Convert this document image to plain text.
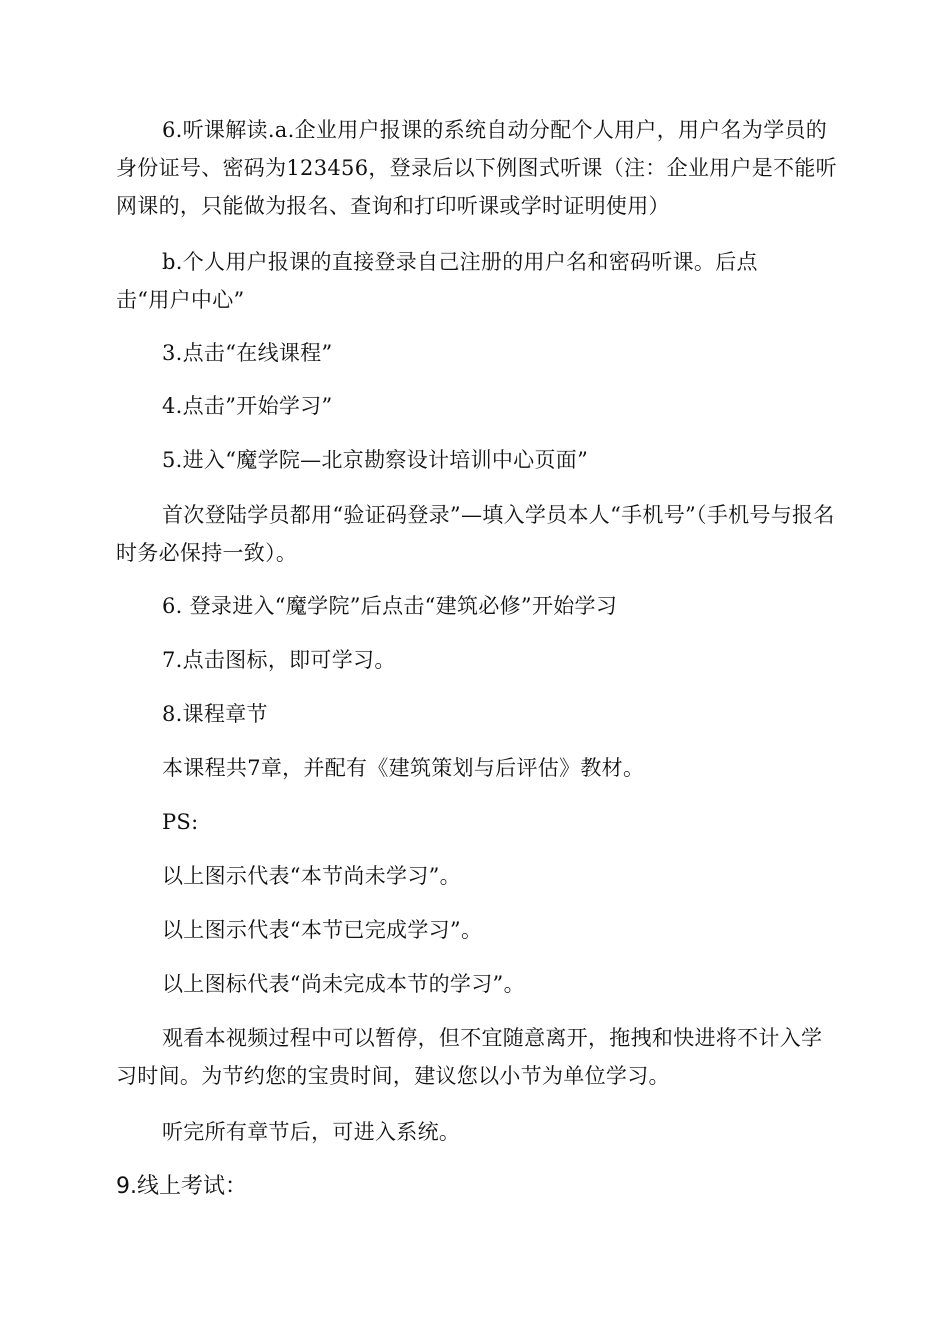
6.听课解读.a.企业用户报课的系统自动分配个人用户，用户名为学员的身份证号、密码为123456，登录后以下例图式听课（注：企业用户是不能听网课的，只能做为报名、查询和打印听课或学时证明使用）

b.个人用户报课的直接登录自己注册的用户名和密码听课。后点击“用户中心”

3.点击“在线课程”

4.点击”开始学习”

5.进入“魔学院—北京勘察设计培训中心页面”

首次登陆学员都用“验证码登录”—填入学员本人“手机号”（手机号与报名时务必保持一致）。

6. 登录进入“魔学院”后点击“建筑必修”开始学习

7.点击图标，即可学习。

8.课程章节

本课程共7章，并配有《建筑策划与后评估》教材。

PS:

以上图示代表“本节尚未学习”。

以上图示代表“本节已完成学习”。

以上图标代表“尚未完成本节的学习”。

观看本视频过程中可以暂停，但不宜随意离开，拖拽和快进将不计入学习时间。为节约您的宝贵时间，建议您以小节为单位学习。

听完所有章节后，可进入系统。

9.线上考试：
